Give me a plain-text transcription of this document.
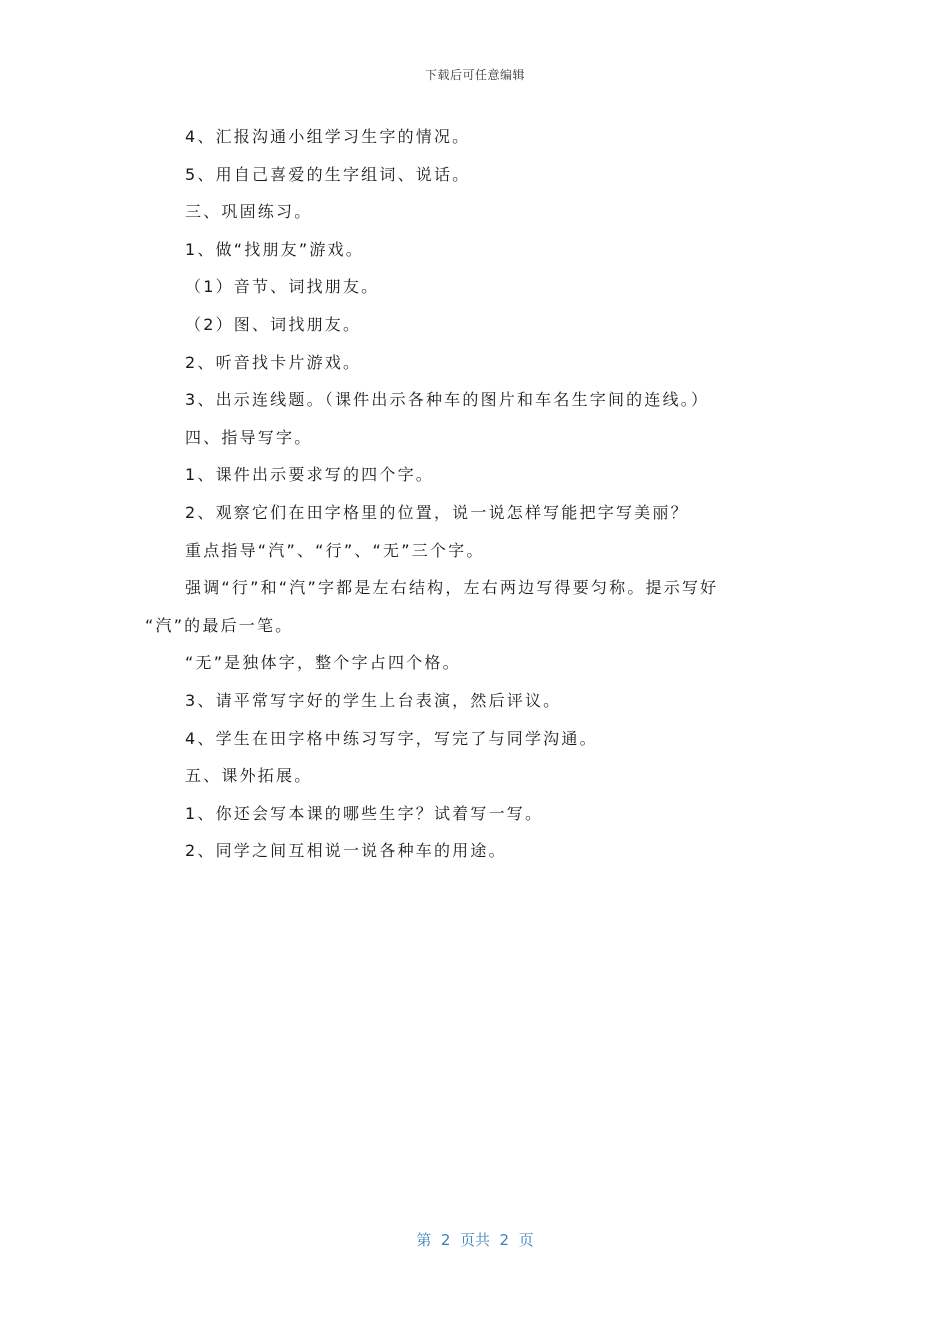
下载后可任意编辑
4、汇报沟通小组学习生字的情况。
5、用自己喜爱的生字组词、说话。
三、巩固练习。
1、做“找朋友”游戏。
（1）音节、词找朋友。
（2）图、词找朋友。
2、听音找卡片游戏。
3、出示连线题。（课件出示各种车的图片和车名生字间的连线。）
四、指导写字。
1、课件出示要求写的四个字。
2、观察它们在田字格里的位置，说一说怎样写能把字写美丽？
重点指导“汽”、“行”、“无”三个字。
强调“行”和“汽”字都是左右结构，左右两边写得要匀称。提示写好
“汽”的最后一笔。
“无”是独体字，整个字占四个格。
3、请平常写字好的学生上台表演，然后评议。
4、学生在田字格中练习写字，写完了与同学沟通。
五、课外拓展。
1、你还会写本课的哪些生字？试着写一写。
2、同学之间互相说一说各种车的用途。
第  2  页共  2  页
